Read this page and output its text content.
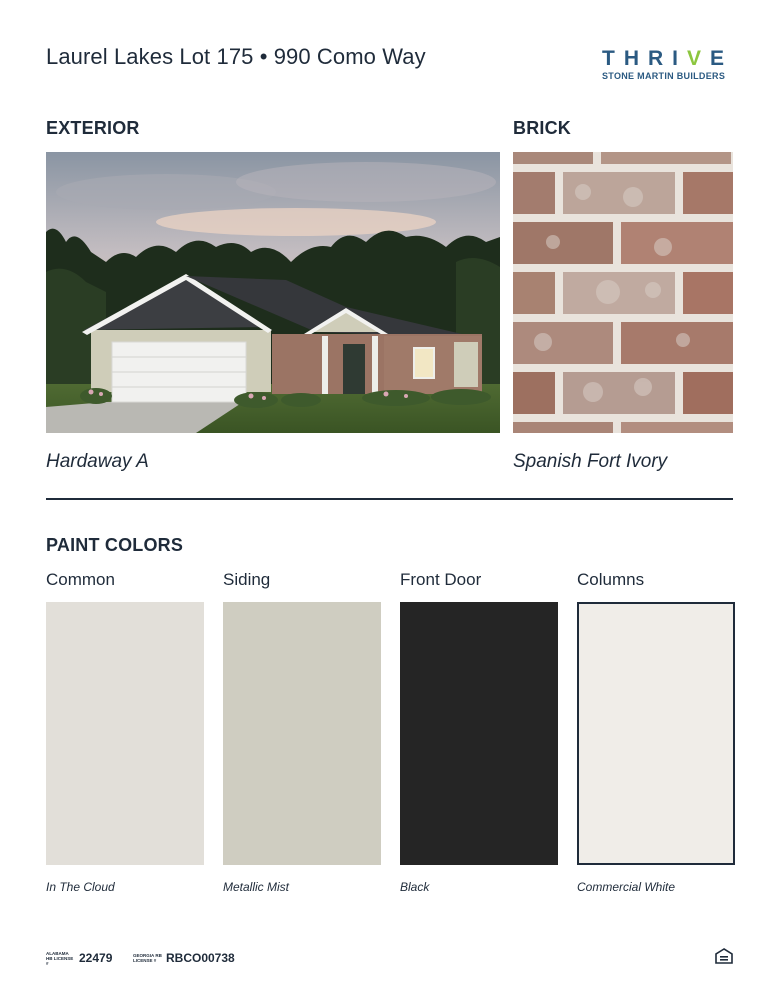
Laurel Lakes Lot 175 • 990 Como Way	THRIVE
STONE MARTIN BUILDERS
EXTERIOR	BRICK
Hardaway A	Spanish Fort Ivory
PAINT COLORS
Common
In The Cloud
Siding
Metallic Mist
Front Door
Black
Columns
Commercial White
ALABAMA HB LICENSE #	22479	GEORGIA RB LICENSE # RBCO00738
